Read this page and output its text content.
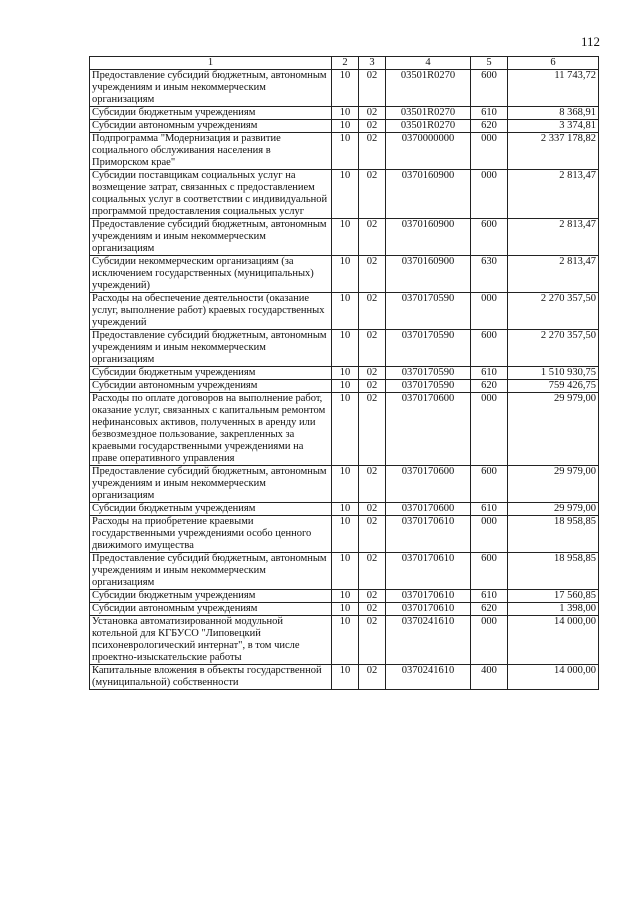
112
1	2	3	4	5	6
Предоставление субсидий бюджетным, автономным учреждениям и иным некоммерческим организациям	10	02	03501R0270	600	11 743,72
Субсидии бюджетным учреждениям	10	02	03501R0270	610	8 368,91
Субсидии автономным учреждениям	10	02	03501R0270	620	3 374,81
Подпрограмма "Модернизация и развитие социального обслуживания населения в Приморском крае"	10	02	0370000000	000	2 337 178,82
Субсидии поставщикам социальных услуг на возмещение затрат, связанных с предоставлением социальных услуг в соответствии с индивидуальной программой предоставления социальных услуг	10	02	0370160900	000	2 813,47
Предоставление субсидий бюджетным, автономным учреждениям и иным некоммерческим организациям	10	02	0370160900	600	2 813,47
Субсидии некоммерческим организациям (за исключением государственных (муниципальных) учреждений)	10	02	0370160900	630	2 813,47
Расходы на обеспечение деятельности (оказание услуг, выполнение работ) краевых государственных учреждений	10	02	0370170590	000	2 270 357,50
Предоставление субсидий бюджетным, автономным учреждениям и иным некоммерческим организациям	10	02	0370170590	600	2 270 357,50
Субсидии бюджетным учреждениям	10	02	0370170590	610	1 510 930,75
Субсидии автономным учреждениям	10	02	0370170590	620	759 426,75
Расходы по оплате договоров на выполнение работ, оказание услуг, связанных с капитальным ремонтом нефинансовых активов, полученных в аренду или безвозмездное пользование, закрепленных за краевыми государственными учреждениями на праве оперативного управления	10	02	0370170600	000	29 979,00
Предоставление субсидий бюджетным, автономным учреждениям и иным некоммерческим организациям	10	02	0370170600	600	29 979,00
Субсидии бюджетным учреждениям	10	02	0370170600	610	29 979,00
Расходы на приобретение краевыми государственными учреждениями особо ценного движимого имущества	10	02	0370170610	000	18 958,85
Предоставление субсидий бюджетным, автономным учреждениям и иным некоммерческим организациям	10	02	0370170610	600	18 958,85
Субсидии бюджетным учреждениям	10	02	0370170610	610	17 560,85
Субсидии автономным учреждениям	10	02	0370170610	620	1 398,00
Установка автоматизированной модульной котельной для КГБУСО "Липовецкий психоневрологический интернат", в том числе проектно-изыскательские работы	10	02	0370241610	000	14 000,00
Капитальные вложения в объекты государственной (муниципальной) собственности	10	02	0370241610	400	14 000,00
